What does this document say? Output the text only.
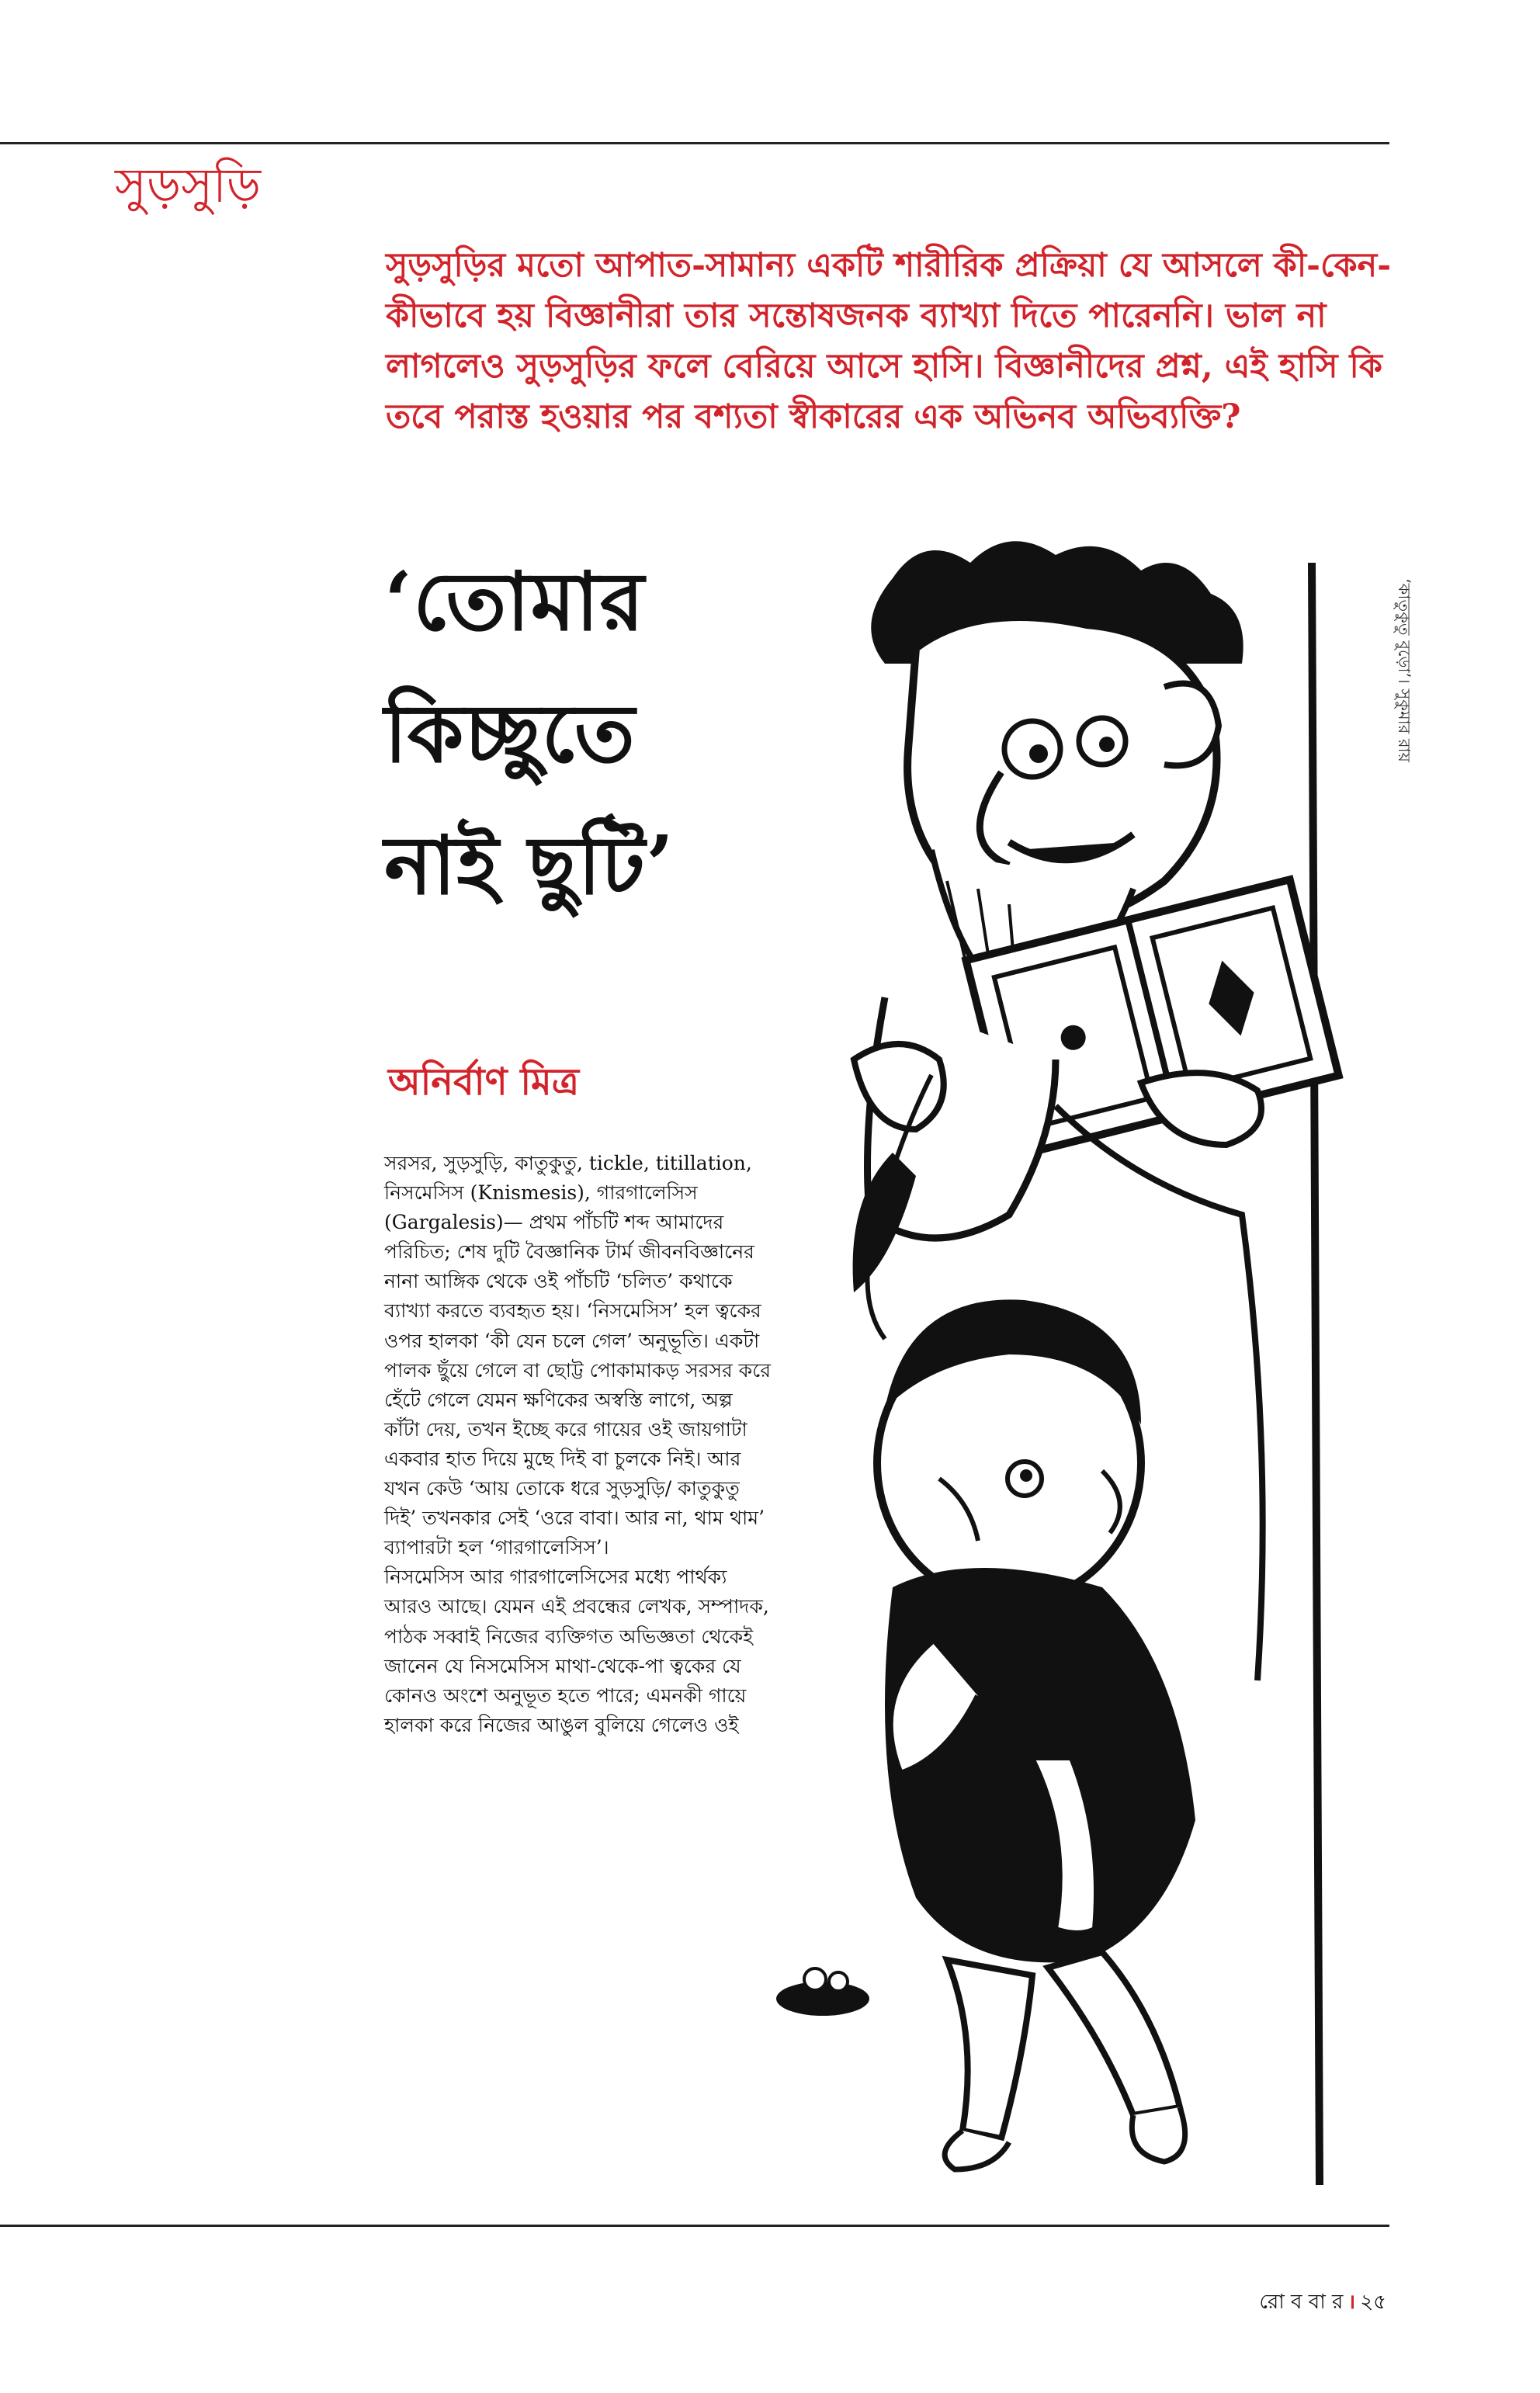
সুড়সুড়ি
সুড়সুড়ির মতো আপাত-সামান্য একটি শারীরিক প্রক্রিয়া যে আসলে কী-কেন-কীভাবে হয় বিজ্ঞানীরা তার সন্তোষজনক ব্যাখ্যা দিতে পারেননি। ভাল না লাগলেও সুড়সুড়ির ফলে বেরিয়ে আসে হাসি। বিজ্ঞানীদের প্রশ্ন, এই হাসি কি তবে পরাস্ত হওয়ার পর বশ্যতা স্বীকারের এক অভিনব অভিব্যক্তি?
‘তোমার
কিচ্ছুতে
নাই ছুটি’
অনির্বাণ মিত্র
সরসর, সুড়সুড়ি, কাতুকুতু, tickle, titillation, নিসমেসিস (Knismesis), গারগালেসিস (Gargalesis)— প্রথম পাঁচটি শব্দ আমাদের পরিচিত; শেষ দুটি বৈজ্ঞানিক টার্ম জীবনবিজ্ঞানের নানা আঙ্গিক থেকে ওই পাঁচটি ‘চলিত’ কথাকে ব্যাখ্যা করতে ব্যবহৃত হয়। ‘নিসমেসিস’ হল ত্বকের ওপর হালকা ‘কী যেন চলে গেল’ অনুভূতি। একটা পালক ছুঁয়ে গেলে বা ছোট্ট পোকামাকড় সরসর করে হেঁটে গেলে যেমন ক্ষণিকের অস্বস্তি লাগে, অল্প কাঁটা দেয়, তখন ইচ্ছে করে গায়ের ওই জায়গাটা একবার হাত দিয়ে মুছে দিই বা চুলকে নিই। আর যখন কেউ ‘আয় তোকে ধরে সুড়সুড়ি/ কাতুকুতু দিই’ তখনকার সেই ‘ওরে বাবা। আর না, থাম থাম’ ব্যাপারটা হল ‘গারগালেসিস’।
নিসমেসিস আর গারগালেসিসের মধ্যে পার্থক্য আরও আছে। যেমন এই প্রবন্ধের লেখক, সম্পাদক, পাঠক সব্বাই নিজের ব্যক্তিগত অভিজ্ঞতা থেকেই জানেন যে নিসমেসিস মাথা-থেকে-পা ত্বকের যে কোনও অংশে অনুভূত হতে পারে; এমনকী গায়ে হালকা করে নিজের আঙুল বুলিয়ে গেলেও ওই
‘কাতুকুতু বুড়ো’। সুকুমার রায়
রো ব বা র । ২৫
